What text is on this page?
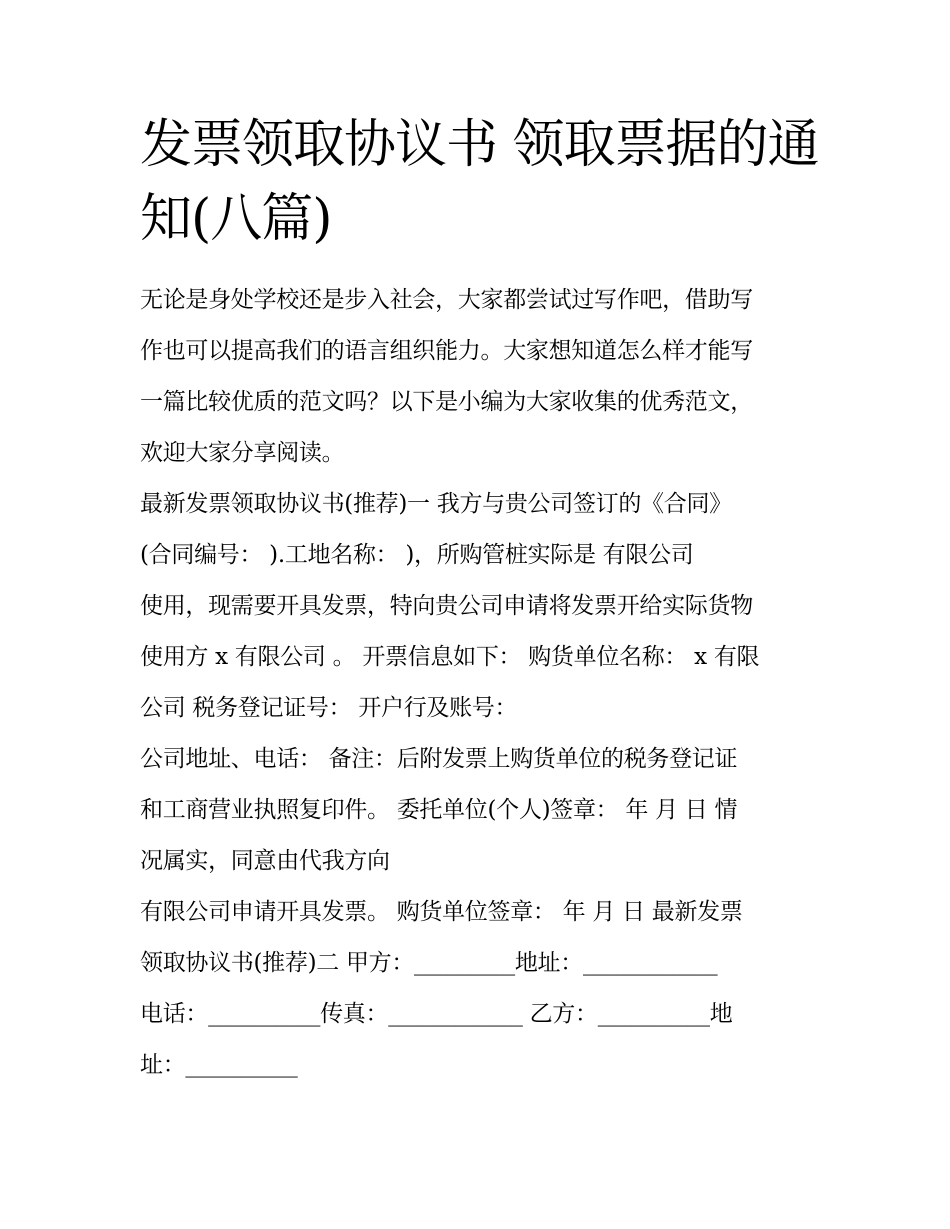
发票领取协议书 领取票据的通
知(八篇)
无论是身处学校还是步入社会，大家都尝试过写作吧，借助写
作也可以提高我们的语言组织能力。大家想知道怎么样才能写
一篇比较优质的范文吗？以下是小编为大家收集的优秀范文，
欢迎大家分享阅读。
最新发票领取协议书(推荐)一 我方与贵公司签订的《合同》
(合同编号： ).工地名称： )，所购管桩实际是 有限公司
使用，现需要开具发票，特向贵公司申请将发票开给实际货物
使用方 x 有限公司 。 开票信息如下： 购货单位名称： x 有限
公司 税务登记证号： 开户行及账号：
公司地址、电话： 备注：后附发票上购货单位的税务登记证
和工商营业执照复印件。 委托单位(个人)签章： 年 月 日 情
况属实，同意由代我方向
有限公司申请开具发票。 购货单位签章： 年 月 日 最新发票
领取协议书(推荐)二 甲方：_________地址：____________
电话：__________传真：____________ 乙方：__________地
址：__________
